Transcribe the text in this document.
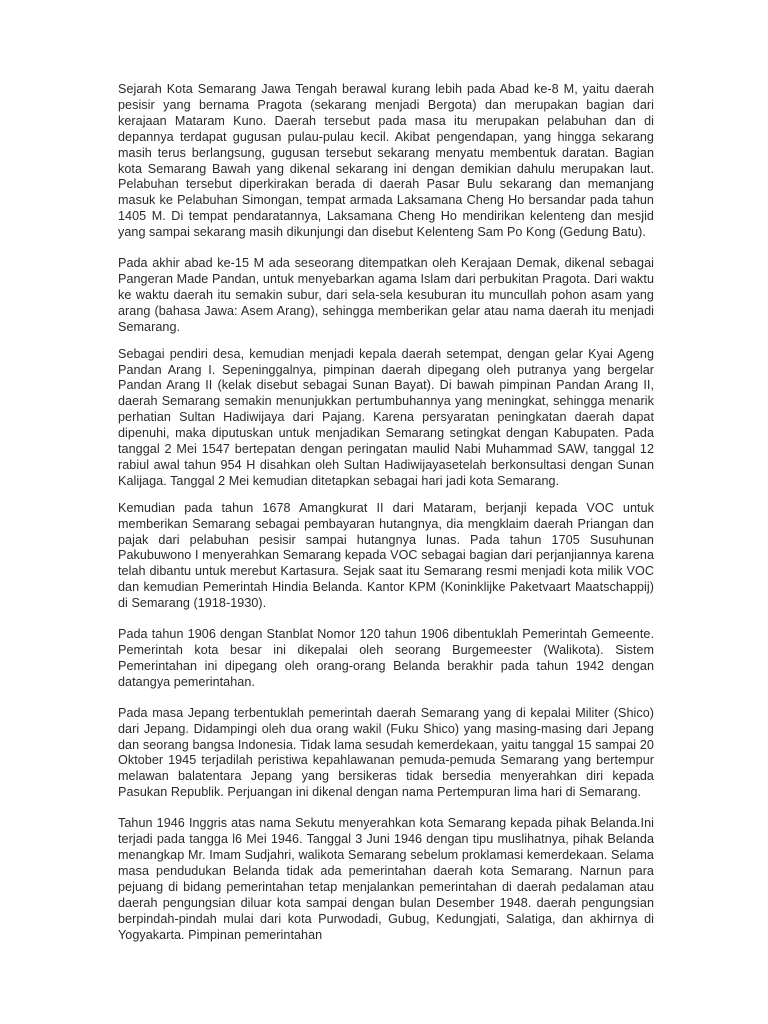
Sejarah Kota Semarang Jawa Tengah berawal kurang lebih pada Abad ke-8 M, yaitu daerah pesisir yang bernama Pragota (sekarang menjadi Bergota) dan merupakan bagian dari kerajaan Mataram Kuno. Daerah tersebut pada masa itu merupakan pelabuhan dan di depannya terdapat gugusan pulau-pulau kecil. Akibat pengendapan, yang hingga sekarang masih terus berlangsung, gugusan tersebut sekarang menyatu membentuk daratan. Bagian kota Semarang Bawah yang dikenal sekarang ini dengan demikian dahulu merupakan laut. Pelabuhan tersebut diperkirakan berada di daerah Pasar Bulu sekarang dan memanjang masuk ke Pelabuhan Simongan, tempat armada Laksamana Cheng Ho bersandar pada tahun 1405 M. Di tempat pendaratannya, Laksamana Cheng Ho mendirikan kelenteng dan mesjid yang sampai sekarang masih dikunjungi dan disebut Kelenteng Sam Po Kong (Gedung Batu).

Pada akhir abad ke-15 M ada seseorang ditempatkan oleh Kerajaan Demak, dikenal sebagai Pangeran Made Pandan, untuk menyebarkan agama Islam dari perbukitan Pragota. Dari waktu ke waktu daerah itu semakin subur, dari sela-sela kesuburan itu muncullah pohon asam yang arang (bahasa Jawa: Asem Arang), sehingga memberikan gelar atau nama daerah itu menjadi Semarang.

Sebagai pendiri desa, kemudian menjadi kepala daerah setempat, dengan gelar Kyai Ageng Pandan Arang I. Sepeninggalnya, pimpinan daerah dipegang oleh putranya yang bergelar Pandan Arang II (kelak disebut sebagai Sunan Bayat). Di bawah pimpinan Pandan Arang II, daerah Semarang semakin menunjukkan pertumbuhannya yang meningkat, sehingga menarik perhatian Sultan Hadiwijaya dari Pajang. Karena persyaratan peningkatan daerah dapat dipenuhi, maka diputuskan untuk menjadikan Semarang setingkat dengan Kabupaten. Pada tanggal 2 Mei 1547 bertepatan dengan peringatan maulid Nabi Muhammad SAW, tanggal 12 rabiul awal tahun 954 H disahkan oleh Sultan Hadiwijayasetelah berkonsultasi dengan Sunan Kalijaga. Tanggal 2 Mei kemudian ditetapkan sebagai hari jadi kota Semarang.

Kemudian pada tahun 1678 Amangkurat II dari Mataram, berjanji kepada VOC untuk memberikan Semarang sebagai pembayaran hutangnya, dia mengklaim daerah Priangan dan pajak dari pelabuhan pesisir sampai hutangnya lunas. Pada tahun 1705 Susuhunan Pakubuwono I menyerahkan Semarang kepada VOC sebagai bagian dari perjanjiannya karena telah dibantu untuk merebut Kartasura. Sejak saat itu Semarang resmi menjadi kota milik VOC dan kemudian Pemerintah Hindia Belanda. Kantor KPM (Koninklijke Paketvaart Maatschappij) di Semarang (1918-1930).

Pada tahun 1906 dengan Stanblat Nomor 120 tahun 1906 dibentuklah Pemerintah Gemeente. Pemerintah kota besar ini dikepalai oleh seorang Burgemeester (Walikota). Sistem Pemerintahan ini dipegang oleh orang-orang Belanda berakhir pada tahun 1942 dengan datangya pemerintahan.

Pada masa Jepang terbentuklah pemerintah daerah Semarang yang di kepalai Militer (Shico) dari Jepang. Didampingi oleh dua orang wakil (Fuku Shico) yang masing-masing dari Jepang dan seorang bangsa Indonesia. Tidak lama sesudah kemerdekaan, yaitu tanggal 15 sampai 20 Oktober 1945 terjadilah peristiwa kepahlawanan pemuda-pemuda Semarang yang bertempur melawan balatentara Jepang yang bersikeras tidak bersedia menyerahkan diri kepada Pasukan Republik. Perjuangan ini dikenal dengan nama Pertempuran lima hari di Semarang.

Tahun 1946 Inggris atas nama Sekutu menyerahkan kota Semarang kepada pihak Belanda.Ini terjadi pada tangga l6 Mei 1946. Tanggal 3 Juni 1946 dengan tipu muslihatnya, pihak Belanda menangkap Mr. Imam Sudjahri, walikota Semarang sebelum proklamasi kemerdekaan. Selama masa pendudukan Belanda tidak ada pemerintahan daerah kota Semarang. Narnun para pejuang di bidang pemerintahan tetap menjalankan pemerintahan di daerah pedalaman atau daerah pengungsian diluar kota sampai dengan bulan Desember 1948. daerah pengungsian berpindah-pindah mulai dari kota Purwodadi, Gubug, Kedungjati, Salatiga, dan akhirnya di Yogyakarta. Pimpinan pemerintahan
